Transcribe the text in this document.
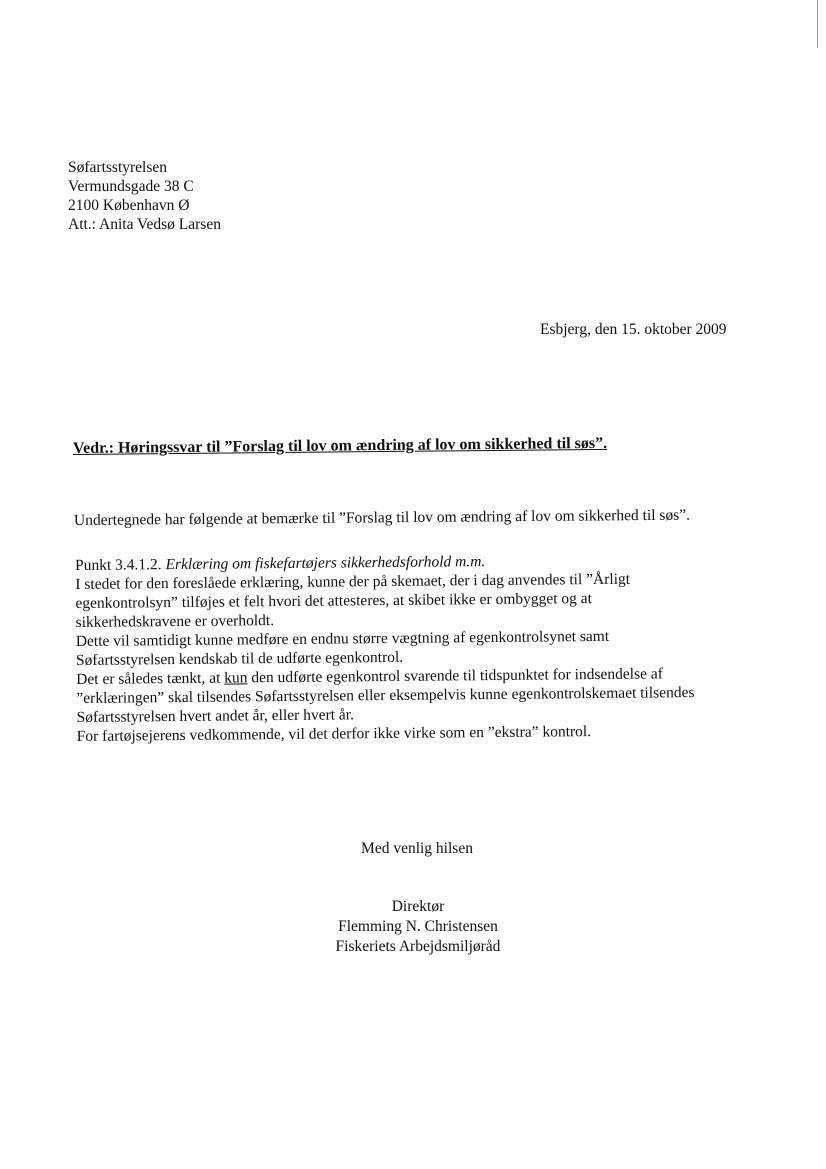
Søfartsstyrelsen
Vermundsgade 38 C
2100 København Ø
Att.: Anita Vedsø Larsen
Esbjerg, den 15. oktober 2009
Vedr.: Høringssvar til ”Forslag til lov om ændring af lov om sikkerhed til søs”.
Undertegnede har følgende at bemærke til ”Forslag til lov om ændring af lov om sikkerhed til søs”.
Punkt 3.4.1.2. Erklæring om fiskefartøjers sikkerhedsforhold m.m.
I stedet for den foreslåede erklæring, kunne der på skemaet, der i dag anvendes til ”Årligt
egenkontrolsyn” tilføjes et felt hvori det attesteres, at skibet ikke er ombygget og at
sikkerhedskravene er overholdt.
Dette vil samtidigt kunne medføre en endnu større vægtning af egenkontrolsynet samt
Søfartsstyrelsen kendskab til de udførte egenkontrol.
Det er således tænkt, at kun den udførte egenkontrol svarende til tidspunktet for indsendelse af
”erklæringen” skal tilsendes Søfartsstyrelsen eller eksempelvis kunne egenkontrolskemaet tilsendes
Søfartsstyrelsen hvert andet år, eller hvert år.
For fartøjsejerens vedkommende, vil det derfor ikke virke som en ”ekstra” kontrol.
Med venlig hilsen
Direktør
Flemming N. Christensen
Fiskeriets Arbejdsmiljøråd
